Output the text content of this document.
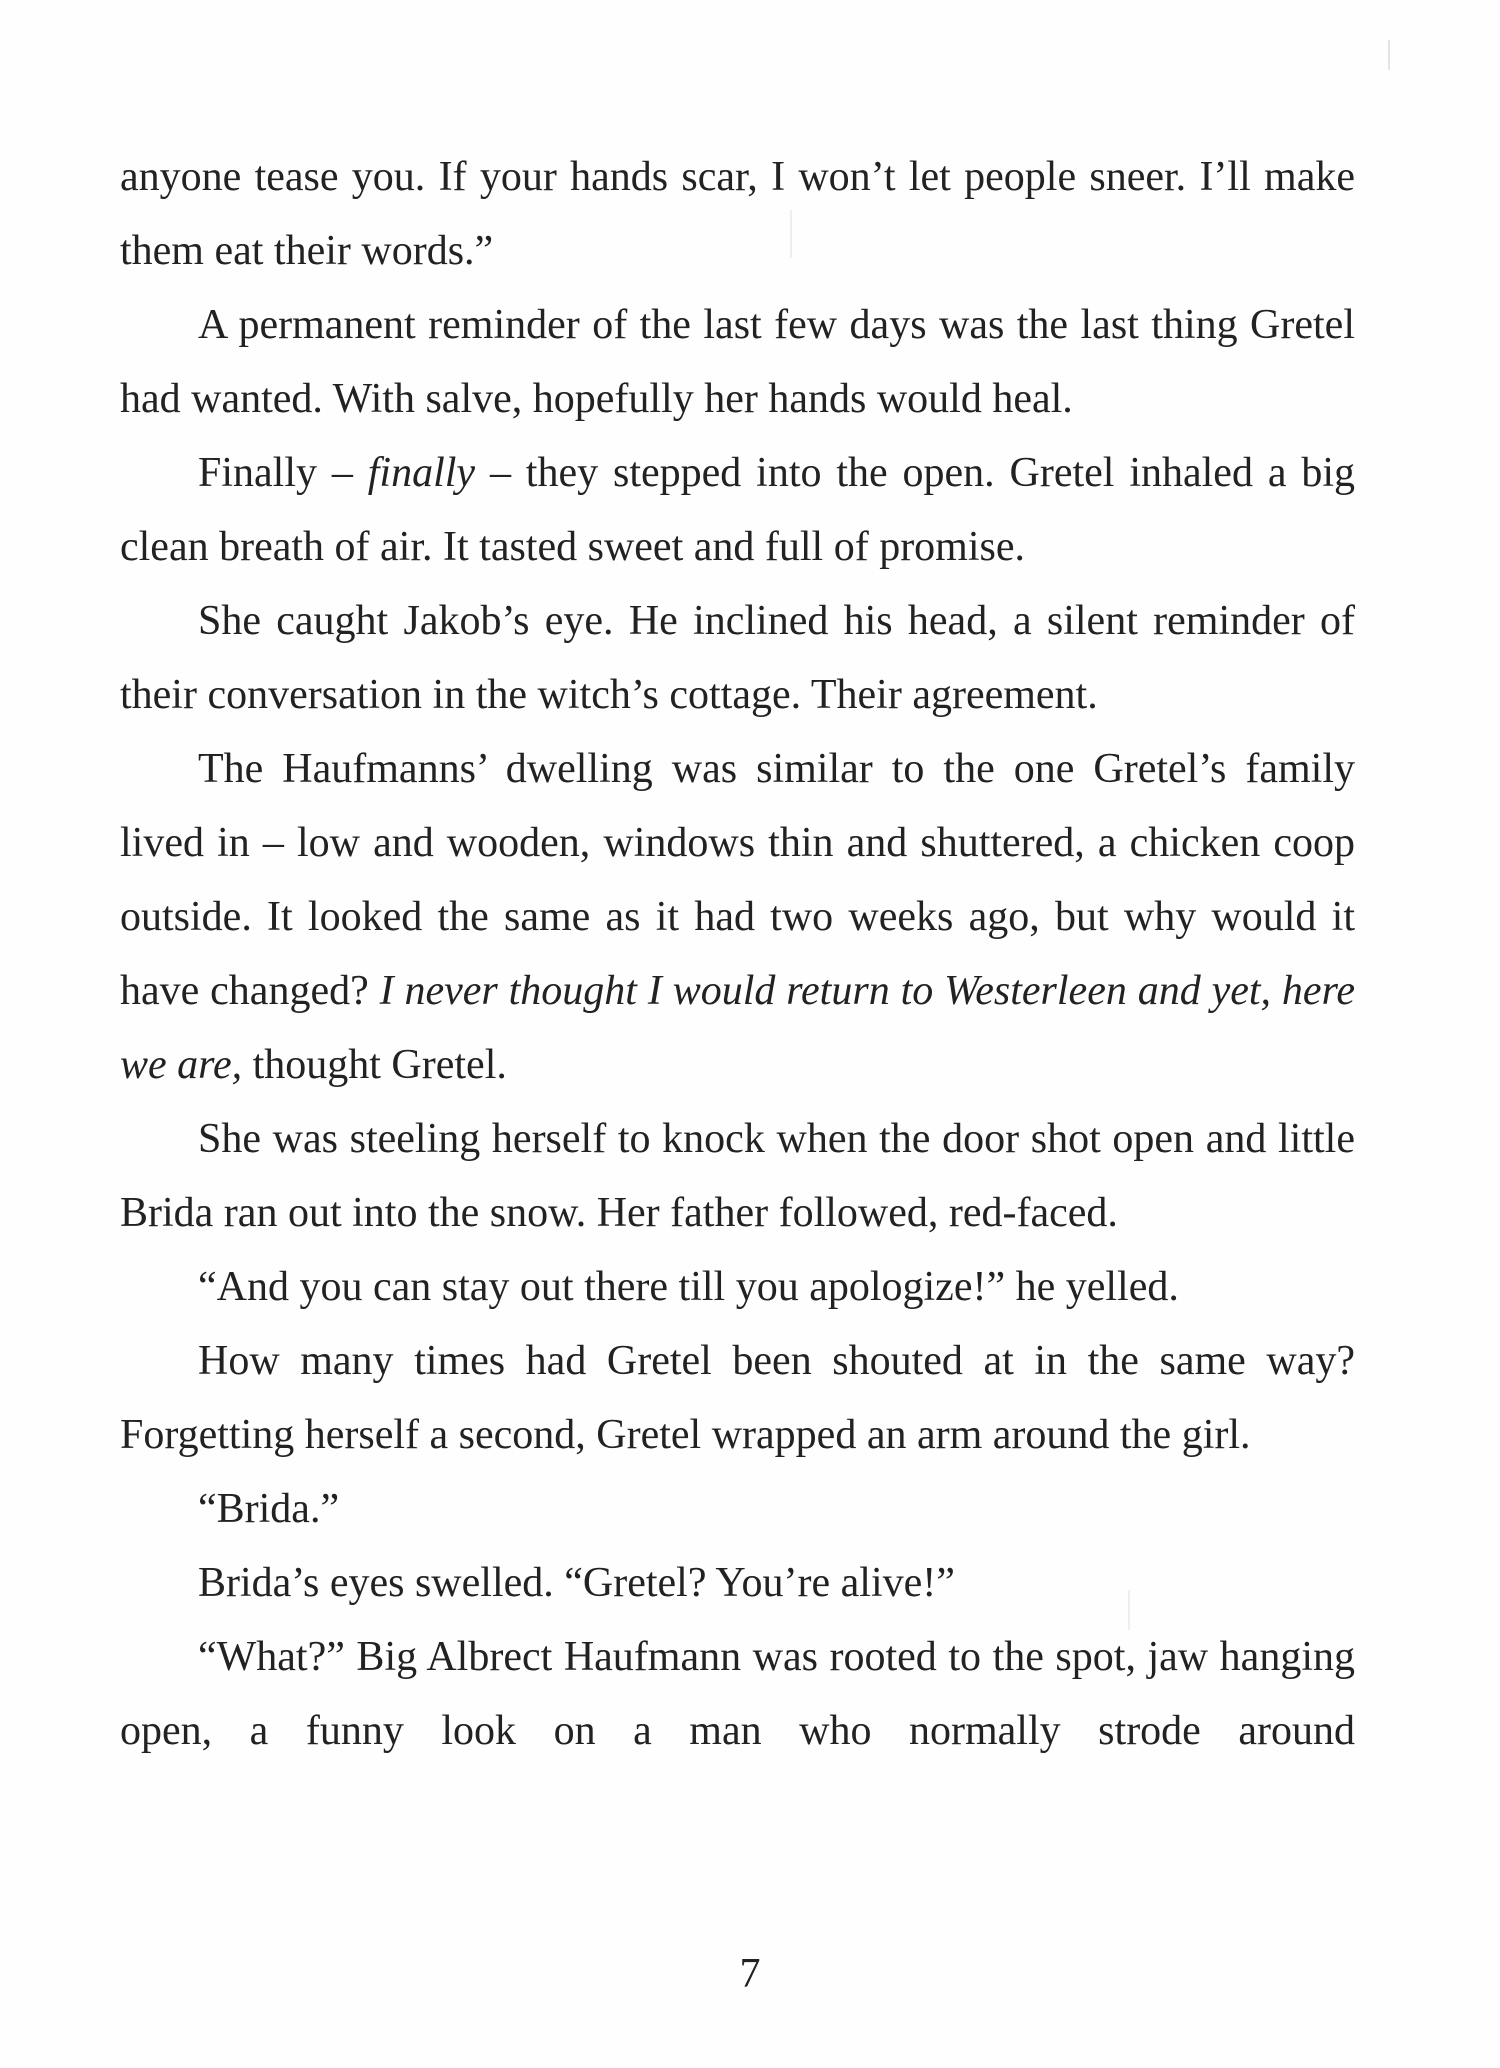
anyone tease you. If your hands scar, I won’t let people sneer. I’ll make them eat their words.”

A permanent reminder of the last few days was the last thing Gretel had wanted. With salve, hopefully her hands would heal.

Finally – finally – they stepped into the open. Gretel inhaled a big clean breath of air. It tasted sweet and full of promise.

She caught Jakob’s eye. He inclined his head, a silent reminder of their conversation in the witch’s cottage. Their agreement.

The Haufmanns’ dwelling was similar to the one Gretel’s family lived in – low and wooden, windows thin and shuttered, a chicken coop outside. It looked the same as it had two weeks ago, but why would it have changed? I never thought I would return to Westerleen and yet, here we are, thought Gretel.

She was steeling herself to knock when the door shot open and little Brida ran out into the snow. Her father followed, red-faced.

“And you can stay out there till you apologize!” he yelled.

How many times had Gretel been shouted at in the same way? Forgetting herself a second, Gretel wrapped an arm around the girl.

“Brida.”

Brida’s eyes swelled. “Gretel? You’re alive!”

“What?” Big Albrect Haufmann was rooted to the spot, jaw hanging open, a funny look on a man who normally strode around

7
